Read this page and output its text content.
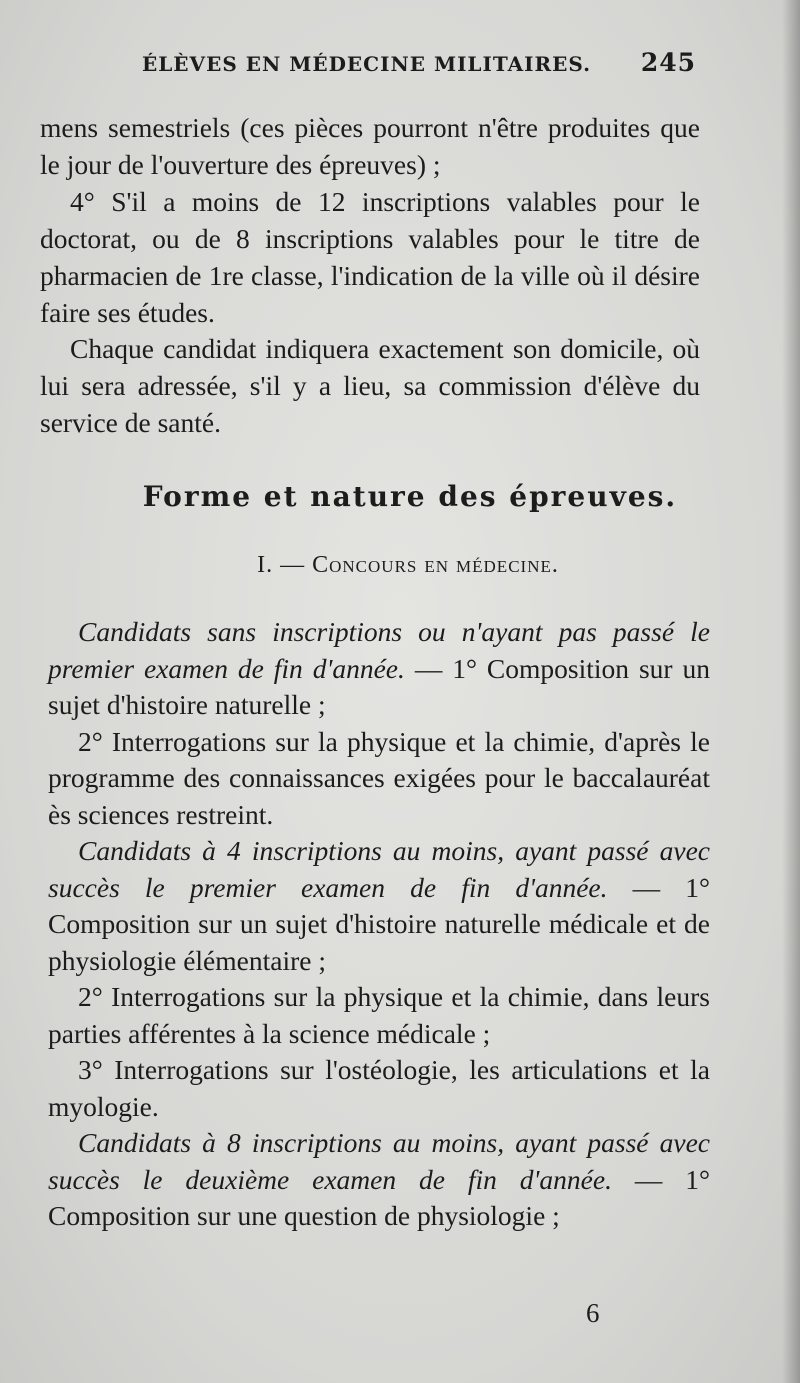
ÉLÈVES EN MÉDECINE MILITAIRES. 245

mens semestriels (ces pièces pourront n'être produites que le jour de l'ouverture des épreuves) ;

4° S'il a moins de 12 inscriptions valables pour le doctorat, ou de 8 inscriptions valables pour le titre de pharmacien de 1re classe, l'indication de la ville où il désire faire ses études.

Chaque candidat indiquera exactement son domicile, où lui sera adressée, s'il y a lieu, sa commission d'élève du service de santé.

Forme et nature des épreuves.
I. — Concours en médecine.

Candidats sans inscriptions ou n'ayant pas passé le premier examen de fin d'année. — 1° Composition sur un sujet d'histoire naturelle ;

2° Interrogations sur la physique et la chimie, d'après le programme des connaissances exigées pour le baccalauréat ès sciences restreint.

Candidats à 4 inscriptions au moins, ayant passé avec succès le premier examen de fin d'année. — 1° Composition sur un sujet d'histoire naturelle médicale et de physiologie élémentaire ;

2° Interrogations sur la physique et la chimie, dans leurs parties afférentes à la science médicale ;

3° Interrogations sur l'ostéologie, les articulations et la myologie.

Candidats à 8 inscriptions au moins, ayant passé avec succès le deuxième examen de fin d'année. — 1° Composition sur une question de physiologie ;

6
